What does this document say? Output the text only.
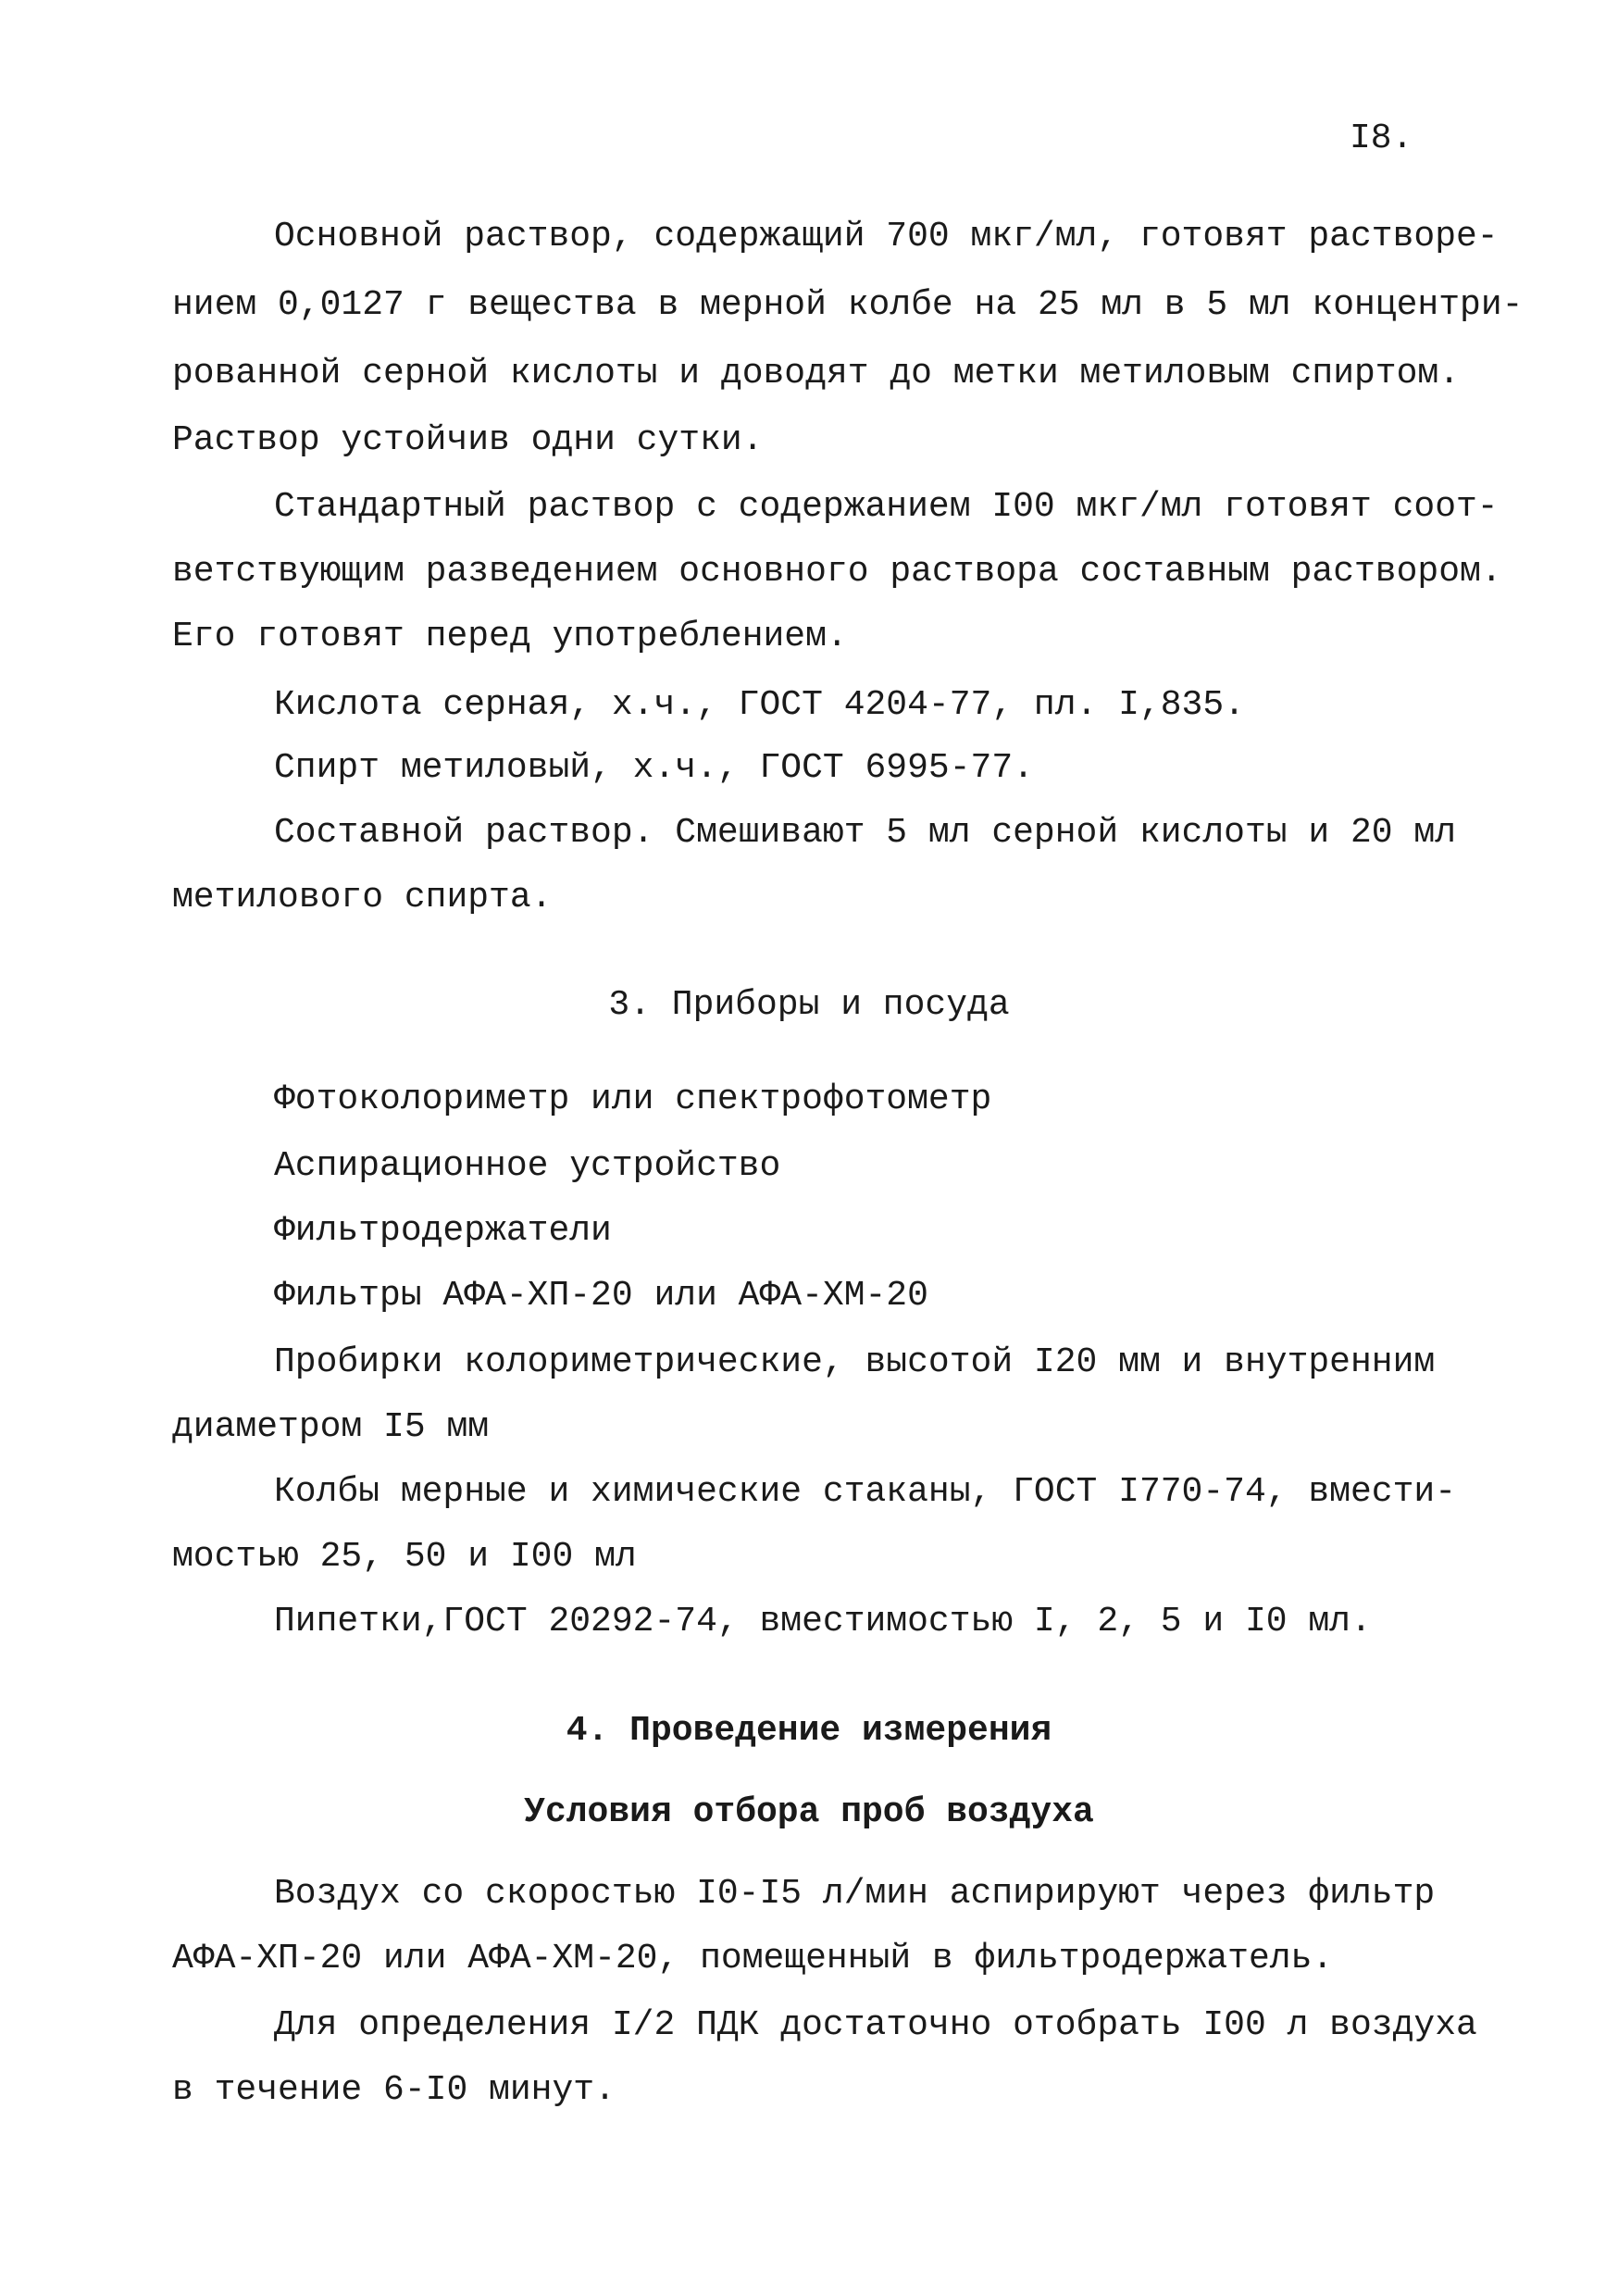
I8.
Основной раствор, содержащий 700 мкг/мл, готовят растворе-
нием 0,0127 г вещества в мерной колбе на 25 мл в 5 мл концентри-
рованной серной кислоты и доводят до метки метиловым спиртом.
Раствор устойчив одни сутки.
Стандартный раствор с содержанием I00 мкг/мл готовят соот-
ветствующим разведением основного раствора составным раствором.
Его готовят перед употреблением.
Кислота серная, х.ч., ГОСТ 4204-77, пл. I,835.
Спирт метиловый, х.ч., ГОСТ 6995-77.
Составной раствор. Смешивают 5 мл серной кислоты и 20 мл
метилового спирта.
3. Приборы и посуда
Фотоколориметр или спектрофотометр
Аспирационное устройство
Фильтродержатели
Фильтры АФА-ХП-20 или АФА-ХМ-20
Пробирки колориметрические, высотой I20 мм и внутренним
диаметром I5 мм
Колбы мерные и химические стаканы, ГОСТ I770-74, вмести-
мостью 25, 50 и I00 мл
Пипетки,ГОСТ 20292-74, вместимостью I, 2, 5 и I0 мл.
4. Проведение измерения
Условия отбора проб воздуха
Воздух со скоростью I0-I5 л/мин аспирируют через фильтр
АФА-ХП-20 или АФА-ХМ-20, помещенный в фильтродержатель.
Для определения I/2 ПДК достаточно отобрать I00 л воздуха
в течение 6-I0 минут.
